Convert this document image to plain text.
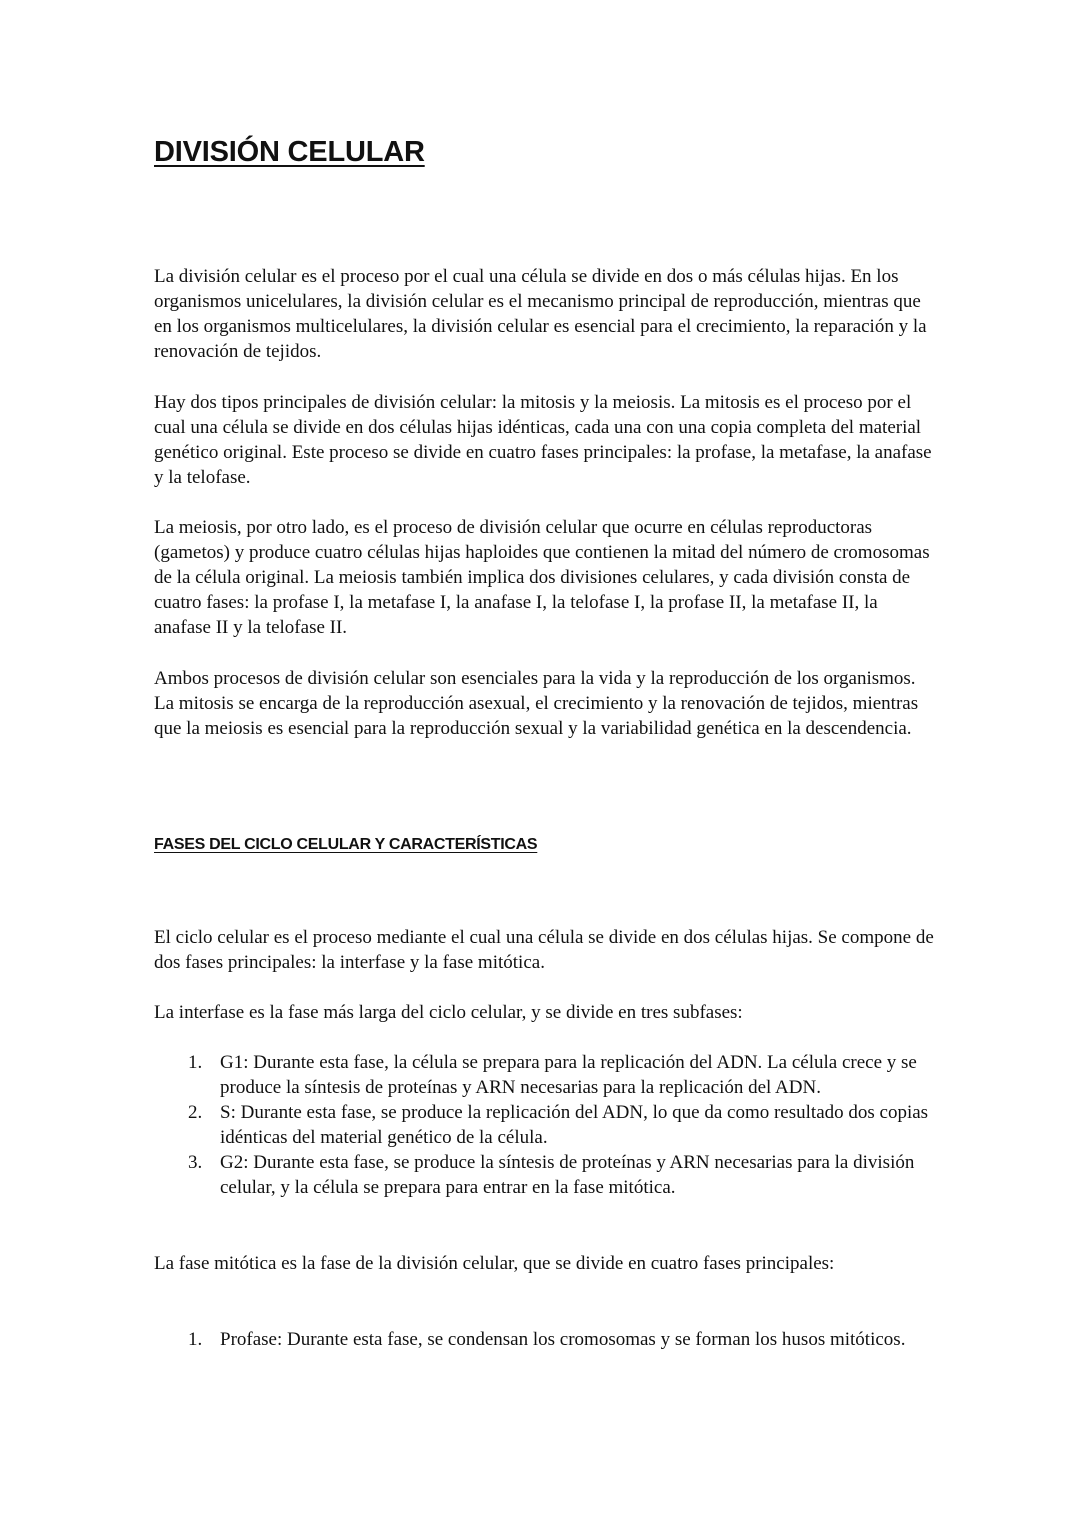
DIVISIÓN CELULAR

La división celular es el proceso por el cual una célula se divide en dos o más células hijas. En los organismos unicelulares, la división celular es el mecanismo principal de reproducción, mientras que en los organismos multicelulares, la división celular es esencial para el crecimiento, la reparación y la renovación de tejidos.

Hay dos tipos principales de división celular: la mitosis y la meiosis. La mitosis es el proceso por el cual una célula se divide en dos células hijas idénticas, cada una con una copia completa del material genético original. Este proceso se divide en cuatro fases principales: la profase, la metafase, la anafase y la telofase.

La meiosis, por otro lado, es el proceso de división celular que ocurre en células reproductoras (gametos) y produce cuatro células hijas haploides que contienen la mitad del número de cromosomas de la célula original. La meiosis también implica dos divisiones celulares, y cada división consta de cuatro fases: la profase I, la metafase I, la anafase I, la telofase I, la profase II, la metafase II, la anafase II y la telofase II.

Ambos procesos de división celular son esenciales para la vida y la reproducción de los organismos. La mitosis se encarga de la reproducción asexual, el crecimiento y la renovación de tejidos, mientras que la meiosis es esencial para la reproducción sexual y la variabilidad genética en la descendencia.

FASES DEL CICLO CELULAR Y CARACTERÍSTICAS

El ciclo celular es el proceso mediante el cual una célula se divide en dos células hijas. Se compone de dos fases principales: la interfase y la fase mitótica.

La interfase es la fase más larga del ciclo celular, y se divide en tres subfases:

1. G1: Durante esta fase, la célula se prepara para la replicación del ADN. La célula crece y se produce la síntesis de proteínas y ARN necesarias para la replicación del ADN.
2. S: Durante esta fase, se produce la replicación del ADN, lo que da como resultado dos copias idénticas del material genético de la célula.
3. G2: Durante esta fase, se produce la síntesis de proteínas y ARN necesarias para la división celular, y la célula se prepara para entrar en la fase mitótica.

La fase mitótica es la fase de la división celular, que se divide en cuatro fases principales:

1. Profase: Durante esta fase, se condensan los cromosomas y se forman los husos mitóticos.
